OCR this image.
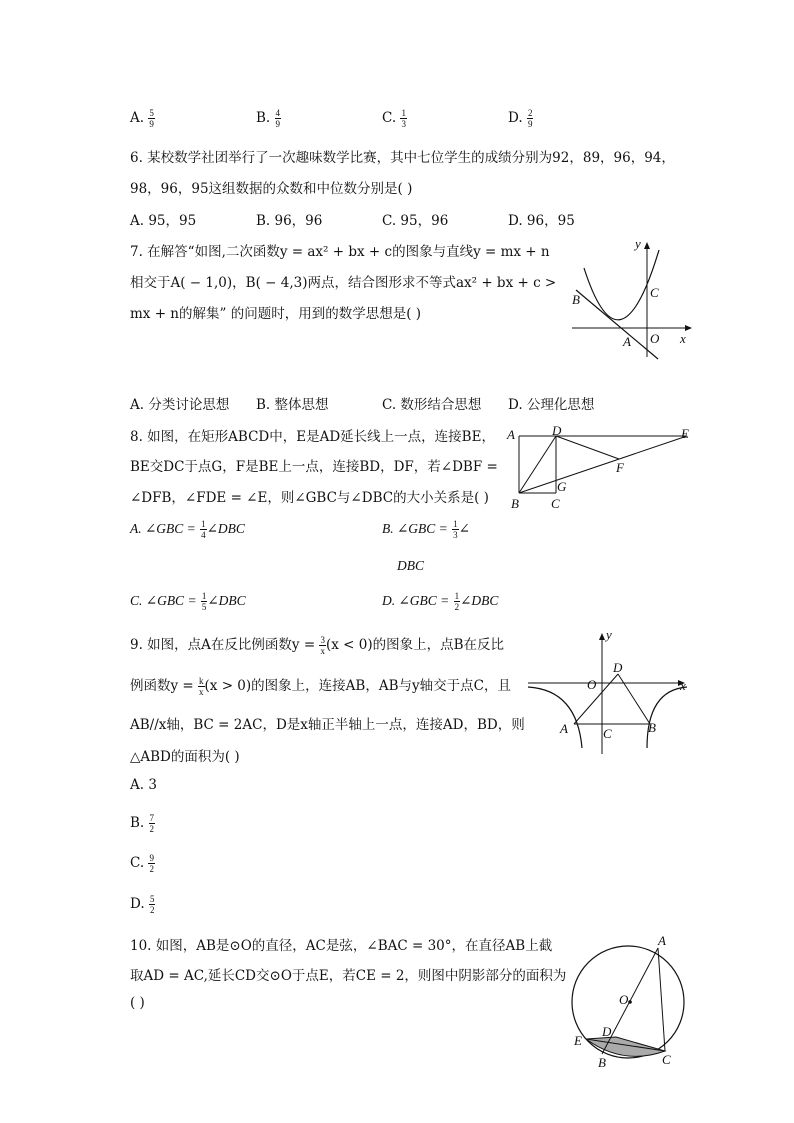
A. $\frac{5}{9}$	B. $\frac{4}{9}$	C. $\frac{1}{3}$	D. $\frac{2}{9}$
6. 某校数学社团举行了一次趣味数学比赛，其中七位学生的成绩分别为92，89，96，94，
98，96，95这组数据的众数和中位数分别是( )
A. 95，95	B. 96，96	C. 95，96	D. 96，95
7. 在解答“如图,二次函数y = ax² + bx + c的图象与直线y = mx + n
相交于A( − 1,0)，B( − 4,3)两点，结合图形求不等式ax² + bx + c >
mx + n的解集” 的问题时，用到的数学思想是( )
y
x
B	C
A O
A. 分类讨论思想 B. 整体思想	C. 数形结合思想 D. 公理化思想
8. 如图，在矩形ABCD中，E是AD延长线上一点，连接BE，
BE交DC于点G，F是BE上一点，连接BD，DF，若∠DBF =
∠DFB，∠FDE = ∠E，则∠GBC与∠DBC的大小关系是( )
A	D	E
F
G
B C
A. ∠GBC = $\frac{1}{4}$ ∠DBC	B. ∠GBC = $\frac{1}{3}$ ∠
DBC
C. ∠GBC = $\frac{1}{5}$ ∠DBC	D. ∠GBC = $\frac{1}{2}$ ∠DBC
9. 如图，点A在反比例函数$y = \frac{3}{x} (x < 0)$的图象上，点B在反比
例函数$y = \frac{k}{x} (x > 0)$的图象上，连接AB，AB与y轴交于点C，且
AB//x轴，BC = 2AC，D是x轴正半轴上一点，连接AD，BD，则
△ABD的面积为( )
y
x
D
O
A	C	B
A. 3
B. $\frac{7}{2}$
C. $\frac{9}{2}$
D. $\frac{5}{2}$
10. 如图，AB是⊙O的直径，AC是弦，∠BAC = 30°，在直径AB上截
取AD = AC,延长CD交⊙O于点E，若CE = 2，则图中阴影部分的面积为
( )
A
O
D
E
B	C
